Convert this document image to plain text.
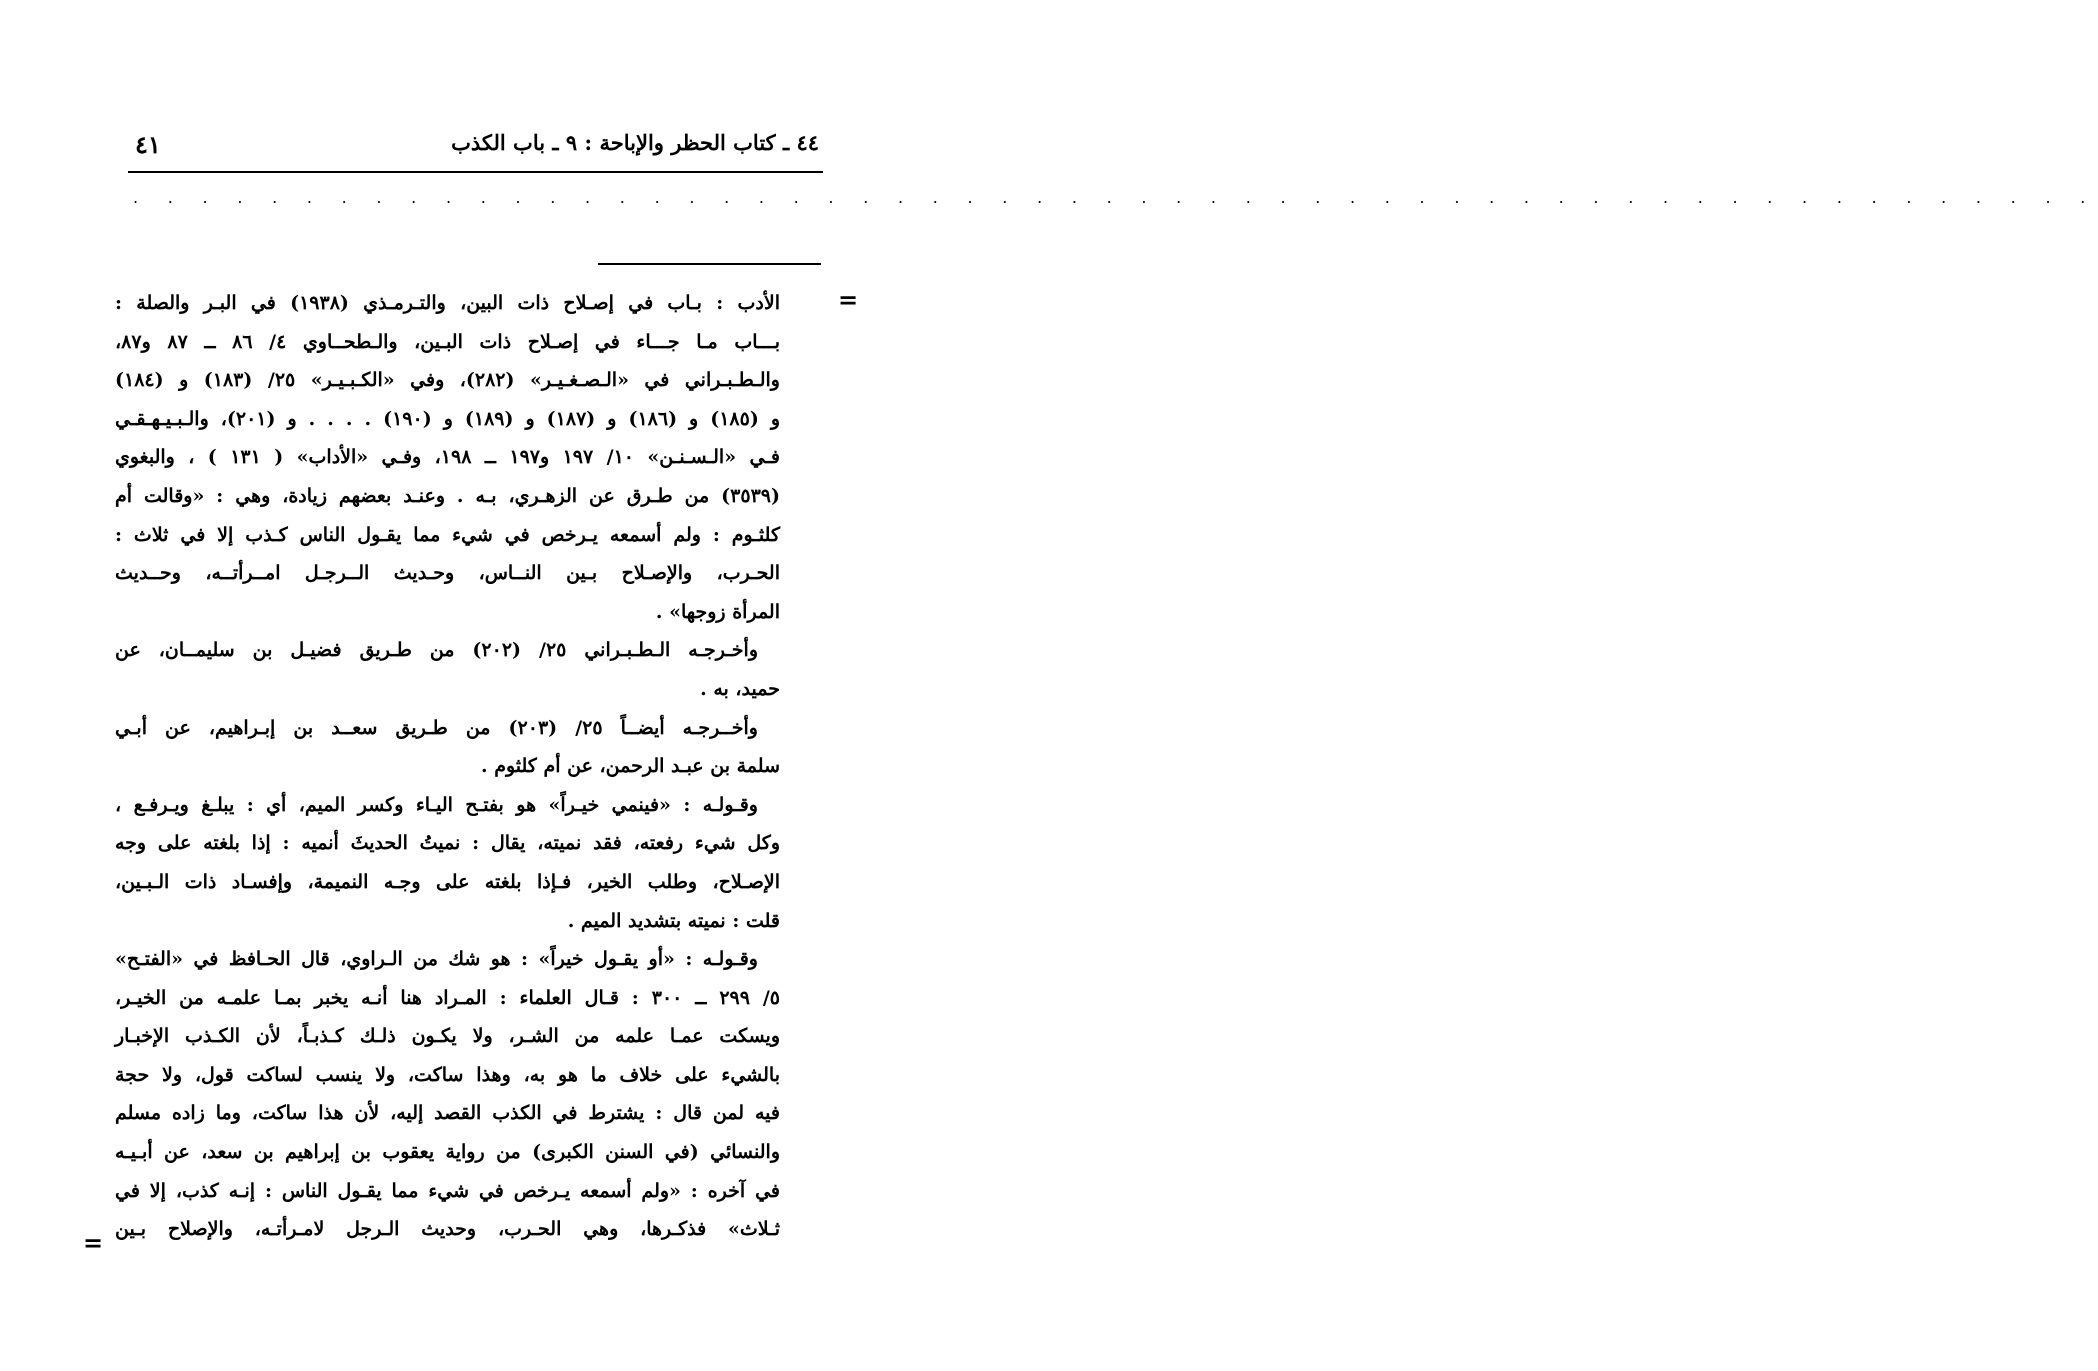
٤٤ ـ كتاب الحظر والإباحة : ٩ ـ باب الكذب
٤١
. . . . . . . . . . . . . . . . . . . . . . . . . . . . . . . . . . . . . . . . . . . . . . . . . . . . . . . . .
=
=
الأدب : بـاب في إصـلاح ذات البين، والتـرمـذي (١٩٣٨) في البـر والصلة :
بـــاب مـا جـــاء في إصـلاح ذات البـين، والـطحــاوي ٤/ ٨٦ ــ ٨٧ و٨٧،
والـطـبـراني في «الـصـغـيـر» (٢٨٢)، وفي «الكـبـيـر» ٢٥/ (١٨٣) و (١٨٤)
و (١٨٥) و (١٨٦) و (١٨٧) و (١٨٩) و (١٩٠) . . . . و (٢٠١)، والـبـيـهـقـي
فـي «الـسـنـن» ١٠/ ١٩٧ و١٩٧ ــ ١٩٨، وفـي «الأداب» ( ١٣١ ) ، والبغوي
(٣٥٣٩) من طـرق عن الزهـري، بـه . وعنـد بعضهم زيادة، وهي : «وقالت أم
كلثـوم : ولم أسمعه يـرخص في شيء مما يقـول الناس كـذب إلا في ثلاث :
الحـرب، والإصـلاح بـين النــاس، وحـديث الــرجـل امــرأتــه، وحــديث
المرأة زوجها» .
وأخـرجـه الـطـبـراني ٢٥/ (٢٠٢) من طـريق فضيـل بن سليمــان، عن
حميد، به .
وأخــرجـه أيضــاً ٢٥/ (٢٠٣) من طـريق سعــد بن إبـراهيم، عن أبـي
سلمة بن عبـد الرحمن، عن أم كلثوم .
وقـولـه : «فينمي خيـراً» هو بفتـح اليـاء وكسر الميم، أي : يبلـغ ويـرفـع ،
وكل شيء رفعته، فقد نميته، يقال : نميتُ الحديثَ أنميه : إذا بلغته على وجه
الإصـلاح، وطلب الخير، فـإذا بلغته على وجـه النميمة، وإفسـاد ذات الـبـين،
قلت : نميته بتشديد الميم .
وقـولـه : «أو يقـول خيراً» : هو شك من الـراوي، قال الحـافظ في «الفتـح»
٥/ ٢٩٩ ــ ٣٠٠ : قـال العلماء : المـراد هنا أنـه يخبر بمـا علمـه من الخيـر،
ويسكت عمـا علمه من الشـر، ولا يكـون ذلـك كـذبـاً، لأن الكـذب الإخبـار
بالشيء على خلاف ما هو به، وهذا ساكت، ولا ينسب لساكت قول، ولا حجة
فيه لمن قال : يشترط في الكذب القصد إليه، لأن هذا ساكت، وما زاده مسلم
والنسائي (في السنن الكبرى) من رواية يعقوب بن إبراهيم بن سعد، عن أبـيـه
في آخره : «ولم أسمعه يـرخص في شيء مما يقـول الناس : إنـه كذب، إلا في
ثـلاث» فذكـرها، وهي الحـرب، وحديث الـرجل لامـرأتـه، والإصلاح بـين
